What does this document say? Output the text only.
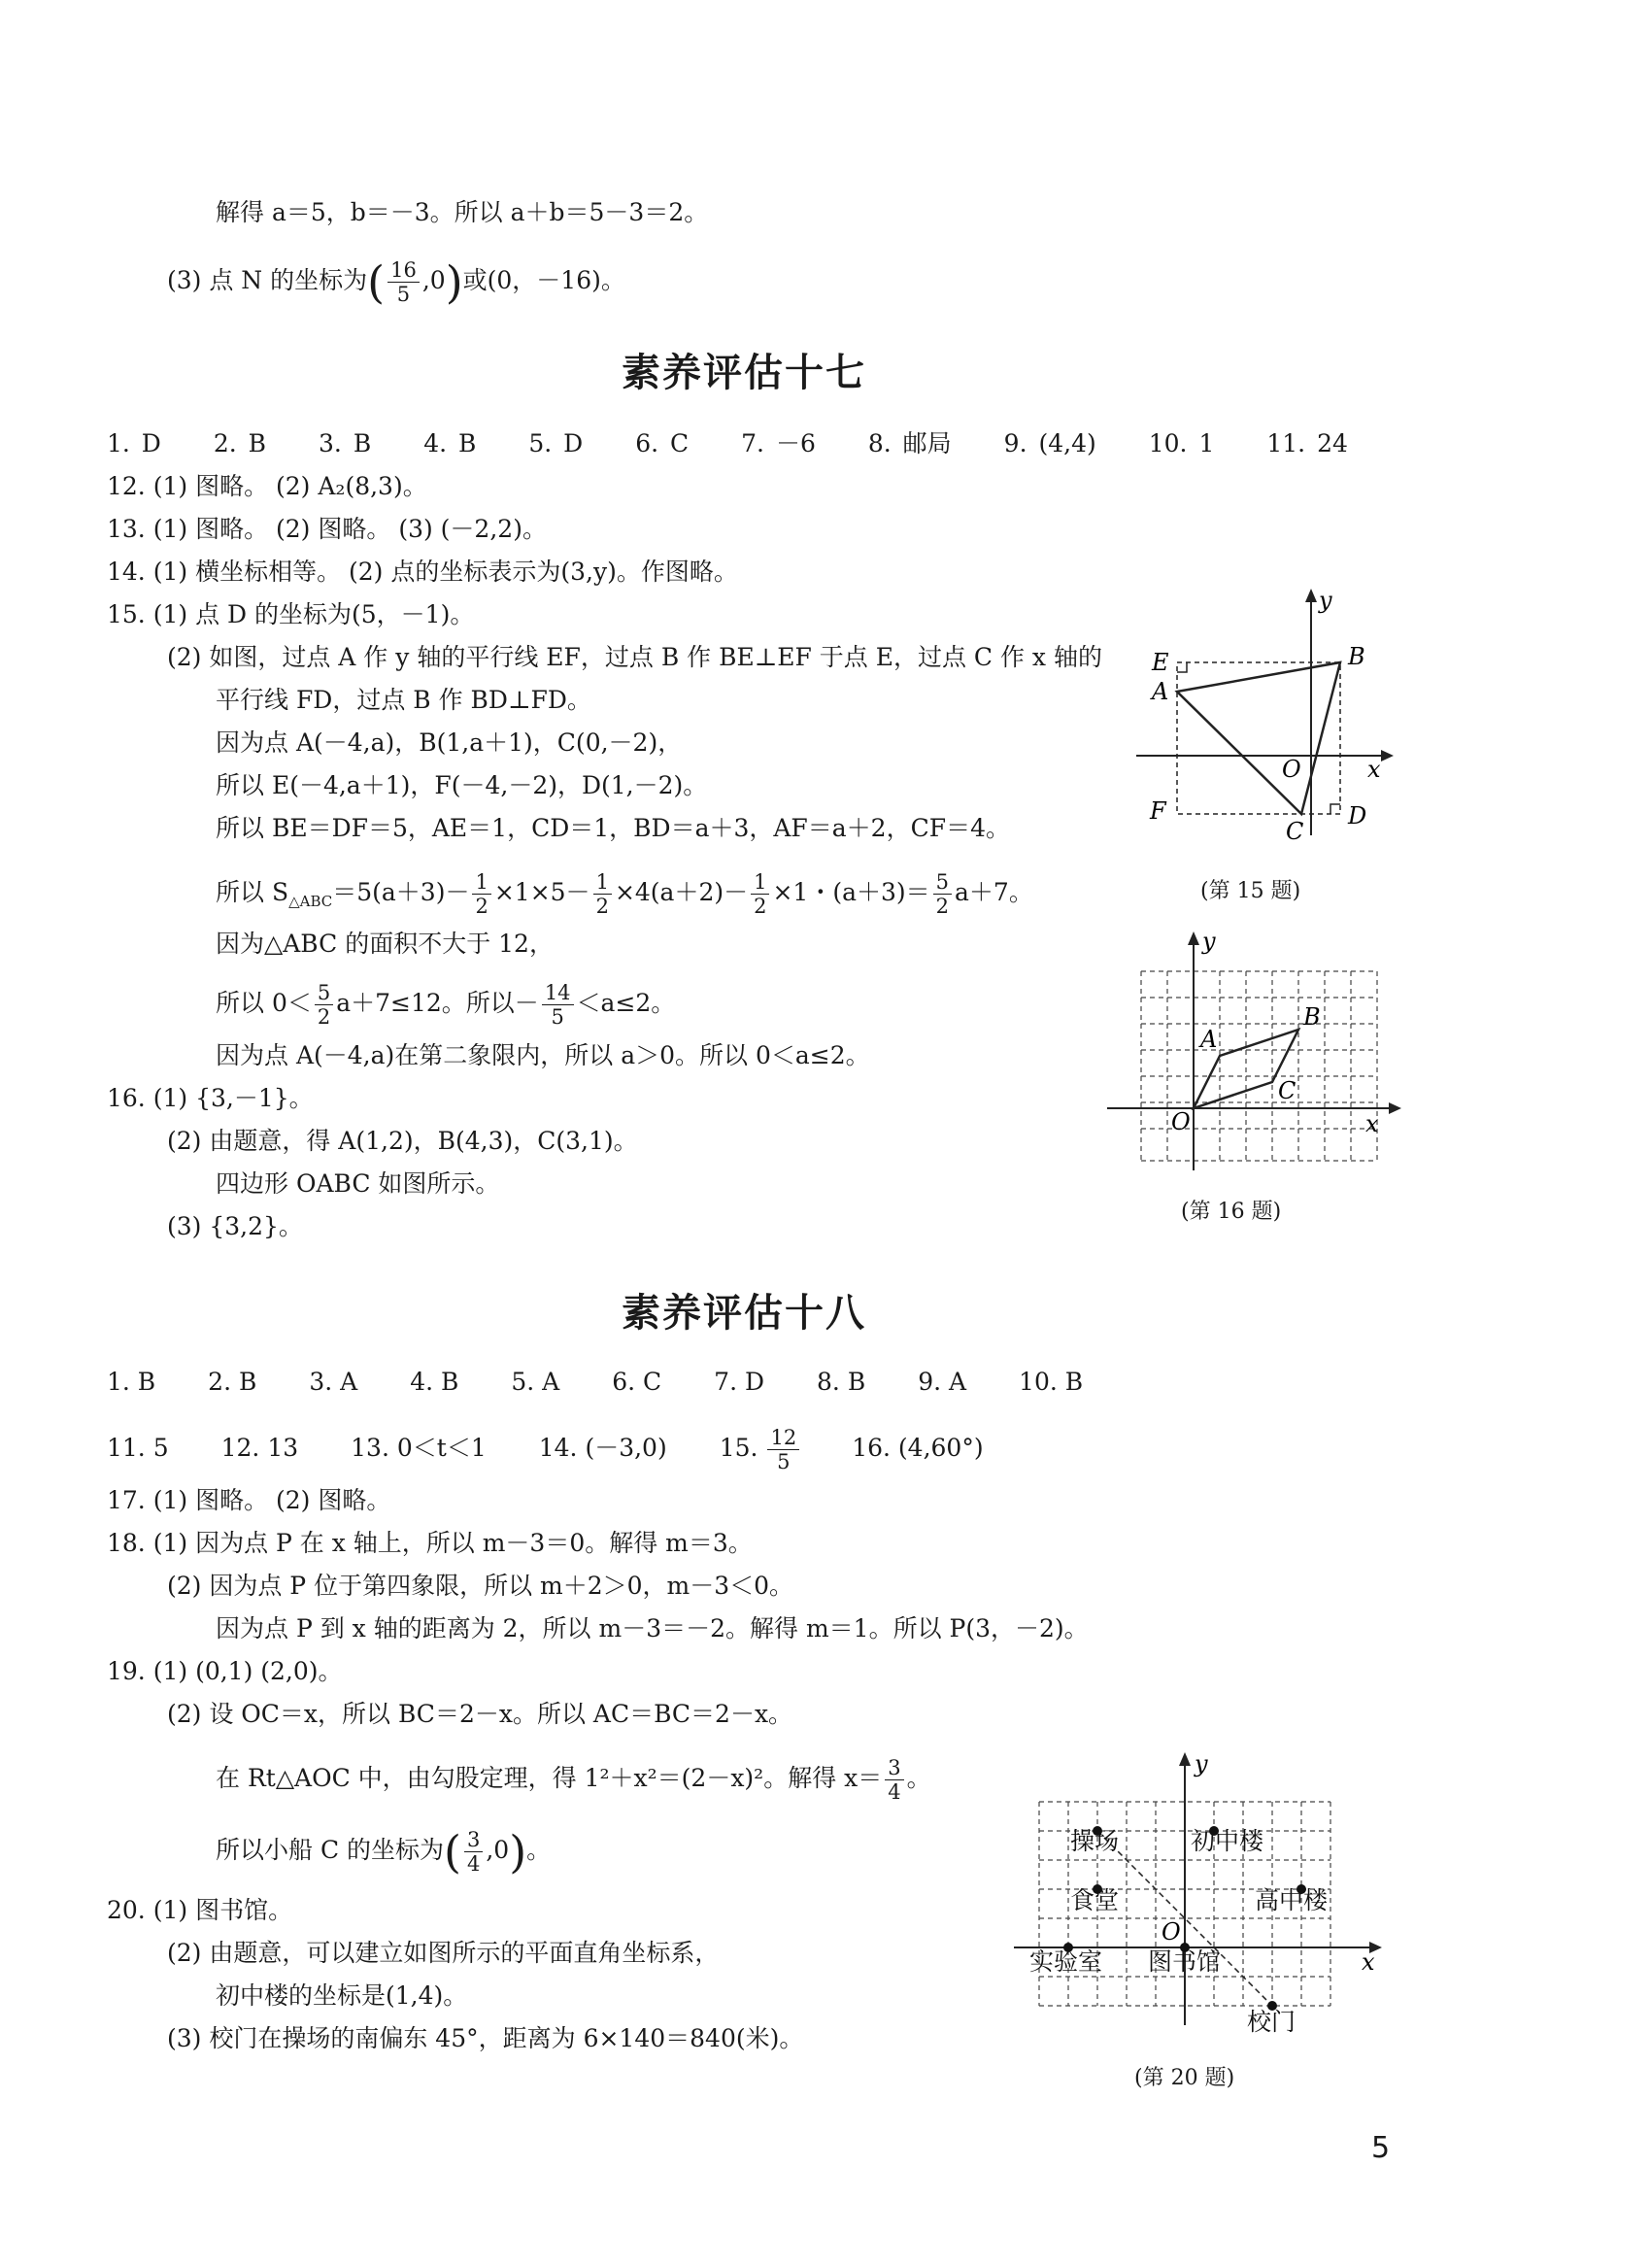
解得 a＝5，b＝－3。所以 a＋b＝5－3＝2。
(3) 点 N 的坐标为( $\frac{16}{5} ,0$)或(0，－16)。
素养评估十七
1. D 2. B 3. B 4. B 5. D 6. C 7. －6 8. 邮局 9. (4,4) 10. 1 11. 24
12. (1) 图略。 (2) A₂(8,3)。
13. (1) 图略。 (2) 图略。 (3) (－2,2)。
14. (1) 横坐标相等。 (2) 点的坐标表示为(3,y)。作图略。
15. (1) 点 D 的坐标为(5，－1)。
(2) 如图，过点 A 作 y 轴的平行线 EF，过点 B 作 BE⊥EF 于点 E，过点 C 作 x 轴的
平行线 FD，过点 B 作 BD⊥FD。
因为点 A(－4,a)，B(1,a＋1)，C(0,－2)，
所以 E(－4,a＋1)，F(－4,－2)，D(1,－2)。
所以 BE＝DF＝5，AE＝1，CD＝1，BD＝a＋3，AF＝a＋2，CF＝4。
所以 $S_{\triangle ABC}=5(a+3)- \frac{1}{2} \times 1\times 5- \frac{1}{2} \times 4(a+2)- \frac{1}{2} \times 1$・$(a+3)= \frac{5}{2} a+7$。
因为△ABC 的面积不大于 12，
所以 $0< \frac{5}{2} a+7\le 12$。所以－ $\frac{14}{5} <a\le 2$。
因为点 A(－4,a)在第二象限内，所以 a＞0。所以 0＜a≤2。
16. (1) {3,－1}。
(2) 由题意，得 A(1,2)，B(4,3)，C(3,1)。
四边形 OABC 如图所示。
(3) {3,2}。
E
A
B
y
O	x
F
C
D
(第 15 题)
y
A
B
C
O	x
(第 16 题)
素养评估十八
1. B 2. B 3. A 4. B 5. A 6. C 7. D 8. B 9. A 10. B
11. 5 12. 13 13. 0＜t＜1 14. (－3,0) 15. $\frac{12}{5} 16$. (4,60°)
17. (1) 图略。 (2) 图略。
18. (1) 因为点 P 在 x 轴上，所以 m－3＝0。解得 m＝3。
(2) 因为点 P 位于第四象限，所以 m＋2＞0，m－3＜0。
因为点 P 到 x 轴的距离为 2，所以 m－3＝－2。解得 m＝1。所以 P(3，－2)。
19. (1) (0,1) (2,0)。
(2) 设 OC＝x，所以 BC＝2－x。所以 AC＝BC＝2－x。
在 Rt△AOC 中，由勾股定理，得 1²＋x²＝(2－x)²。解得 $x= \frac{3}{4}$ 。
所以小船 C 的坐标为( $\frac{3}{4} ,0$)。
20. (1) 图书馆。
(2) 由题意，可以建立如图所示的平面直角坐标系，
初中楼的坐标是(1,4)。
(3) 校门在操场的南偏东 45°，距离为 6×140＝840(米)。
操场	初中楼
食堂	高中楼
实验室 图书馆
校门
y
O
x
(第 20 题)
5
